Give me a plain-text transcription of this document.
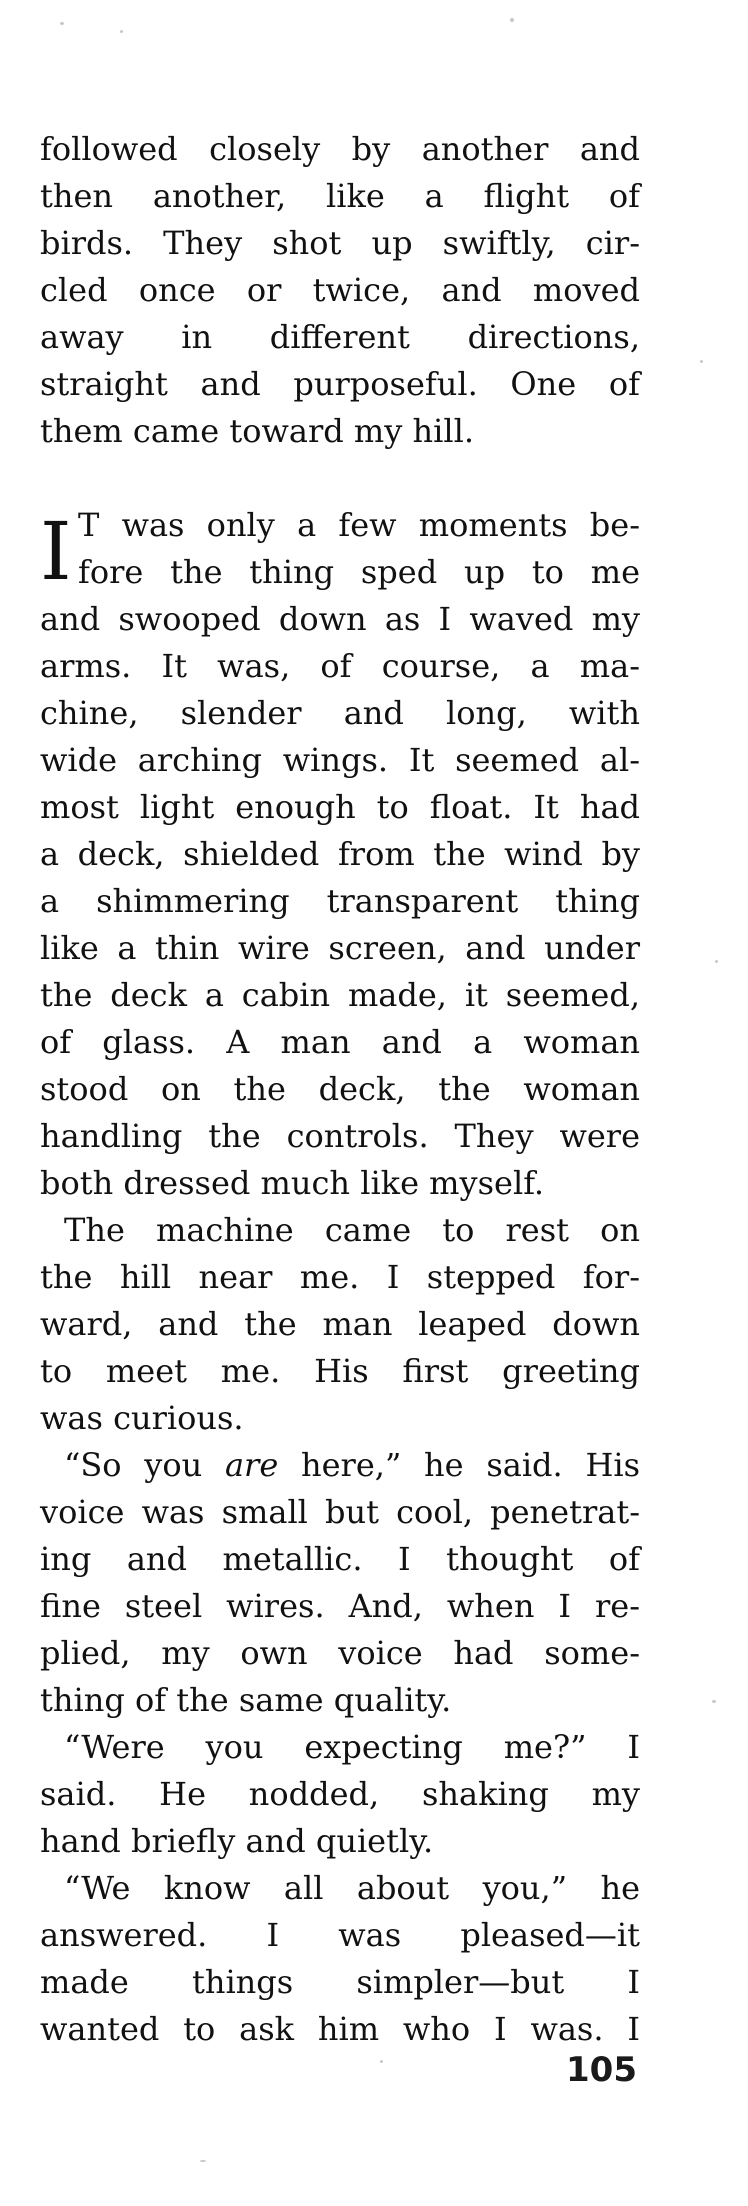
followed closely by another and
then another, like a flight of
birds. They shot up swiftly, cir-
cled once or twice, and moved
away in different directions,
straight and purposeful. One of
them came toward my hill.
I T was only a few moments be-
fore the thing sped up to me
and swooped down as I waved my
arms. It was, of course, a ma-
chine, slender and long, with
wide arching wings. It seemed al-
most light enough to float. It had
a deck, shielded from the wind by
a shimmering transparent thing
like a thin wire screen, and under
the deck a cabin made, it seemed,
of glass. A man and a woman
stood on the deck, the woman
handling the controls. They were
both dressed much like myself.
The machine came to rest on
the hill near me. I stepped for-
ward, and the man leaped down
to meet me. His first greeting
was curious.
“So you are here,” he said. His
voice was small but cool, penetrat-
ing and metallic. I thought of
fine steel wires. And, when I re-
plied, my own voice had some-
thing of the same quality.
“Were you expecting me?” I
said. He nodded, shaking my
hand briefly and quietly.
“We know all about you,” he
answered. I was pleased—it
made things simpler—but I
wanted to ask him who I was. I
105
